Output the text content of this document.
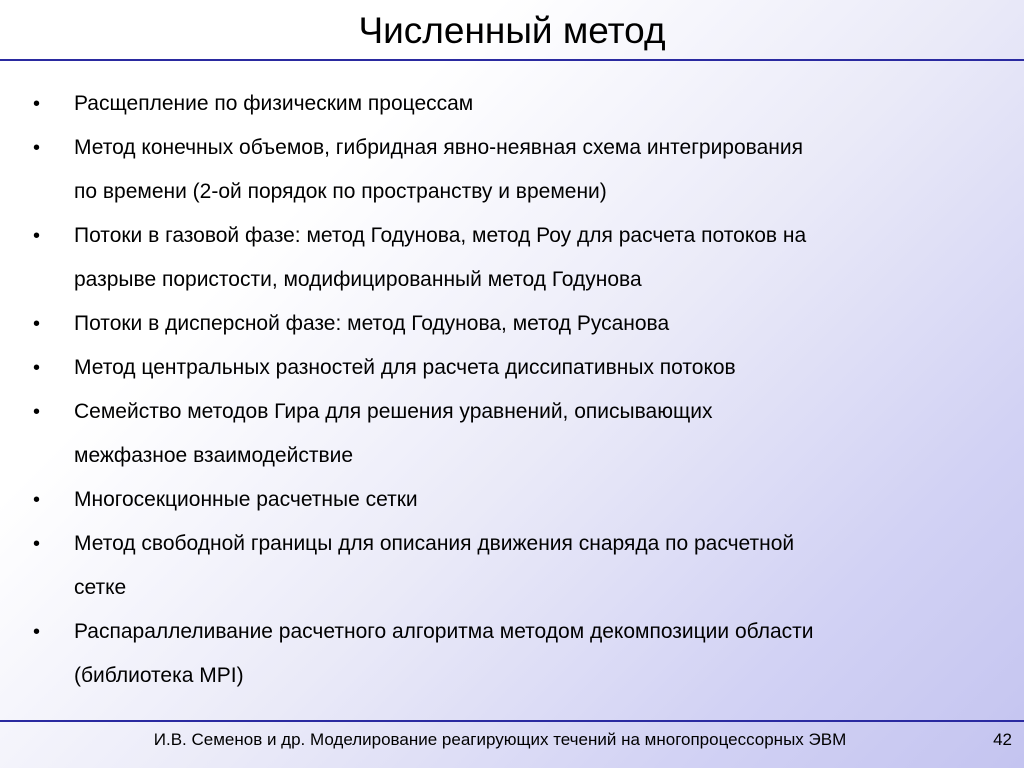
Численный метод
• Расщепление по физическим процессам
• Метод конечных объемов, гибридная явно-неявная схема интегрирования
по времени (2-ой порядок по пространству и времени)
• Потоки в газовой фазе: метод Годунова, метод Роу для расчета потоков на
разрыве пористости, модифицированный метод Годунова
• Потоки в дисперсной фазе: метод Годунова, метод Русанова
• Метод центральных разностей для расчета диссипативных потоков
• Семейство методов Гира для решения уравнений, описывающих
межфазное взаимодействие
• Многосекционные расчетные сетки
• Метод свободной границы для описания движения снаряда по расчетной
сетке
• Распараллеливание расчетного алгоритма методом декомпозиции области
(библиотека MPI)
И.В. Семенов и др. Моделирование реагирующих течений на многопроцессорных ЭВМ	42
